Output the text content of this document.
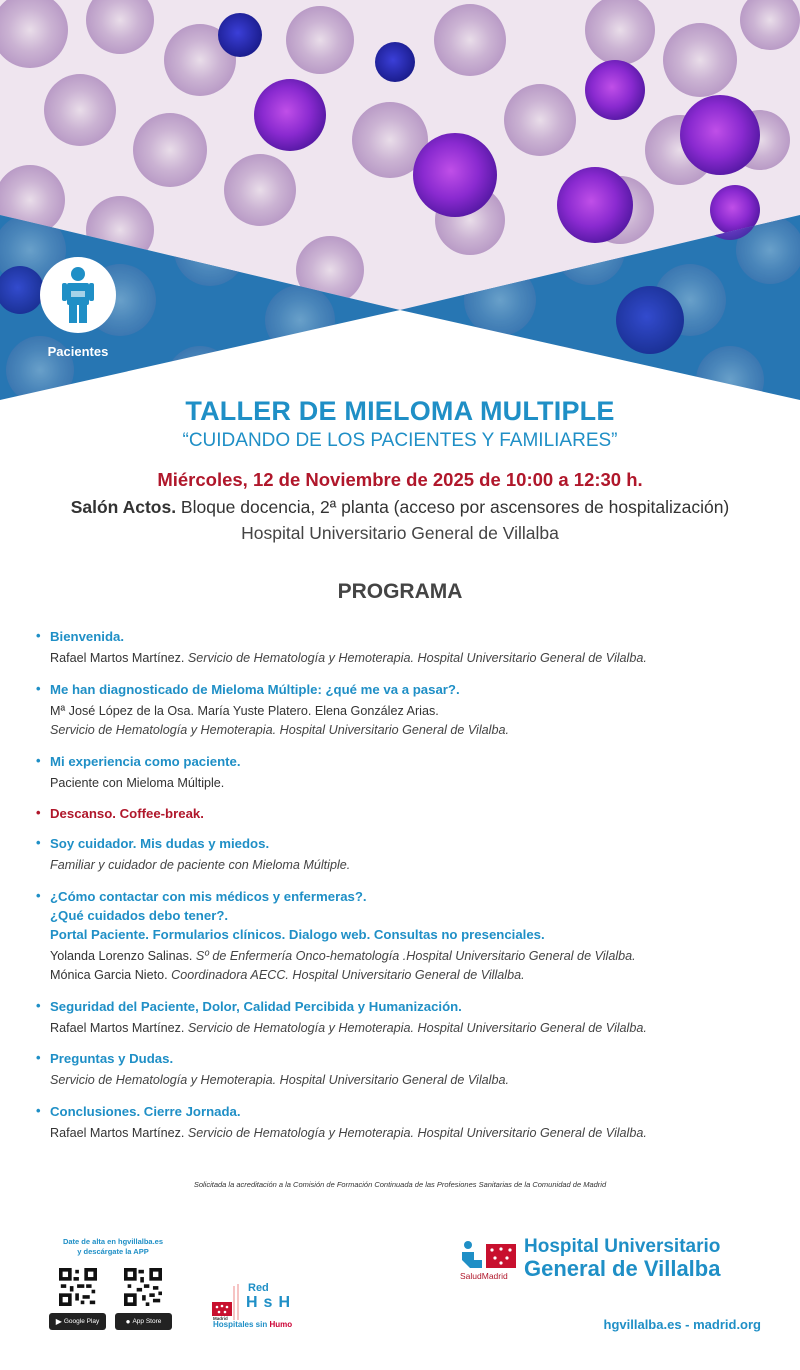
Pacientes
TALLER DE MIELOMA MULTIPLE
“CUIDANDO DE LOS PACIENTES Y FAMILIARES”
Miércoles, 12 de Noviembre de 2025 de 10:00 a 12:30 h.
Salón Actos. Bloque docencia, 2ª planta (acceso por ascensores de hospitalización)
Hospital Universitario General de Villalba
PROGRAMA
• Bienvenida.
Rafael Martos Martínez. Servicio de Hematología y Hemoterapia. Hospital Universitario General de Vilalba.
• Me han diagnosticado de Mieloma Múltiple: ¿qué me va a pasar?.
Mª José López de la Osa. María Yuste Platero. Elena González Arias.
Servicio de Hematología y Hemoterapia. Hospital Universitario General de Vilalba.
• Mi experiencia como paciente.
Paciente con Mieloma Múltiple.
• Descanso. Coffee-break.
• Soy cuidador. Mis dudas y miedos.
Familiar y cuidador de paciente con Mieloma Múltiple.
• ¿Cómo contactar con mis médicos y enfermeras?.
¿Qué cuidados debo tener?.
Portal Paciente. Formularios clínicos. Dialogo web. Consultas no presenciales.
Yolanda Lorenzo Salinas. Sº de Enfermería Onco-hematología .Hospital Universitario General de Vilalba.
Mónica Garcia Nieto. Coordinadora AECC. Hospital Universitario General de Villalba.
• Seguridad del Paciente, Dolor, Calidad Percibida y Humanización.
Rafael Martos Martínez. Servicio de Hematología y Hemoterapia. Hospital Universitario General de Vilalba.
• Preguntas y Dudas.
Servicio de Hematología y Hemoterapia. Hospital Universitario General de Vilalba.
• Conclusiones. Cierre Jornada.
Rafael Martos Martínez. Servicio de Hematología y Hemoterapia. Hospital Universitario General de Vilalba.
Solicitada la acreditación a la Comisión de Formación Continuada de las Profesiones Sanitarias de la Comunidad de Madrid
Date de alta en hgvillalba.es
y descárgate la APP
▶ Google Play	● App Store
Red
HsH
Madrid
Hospitales sin Humo
SaludMadrid
Hospital Universitario
General de Villalba
hgvillalba.es - madrid.org
